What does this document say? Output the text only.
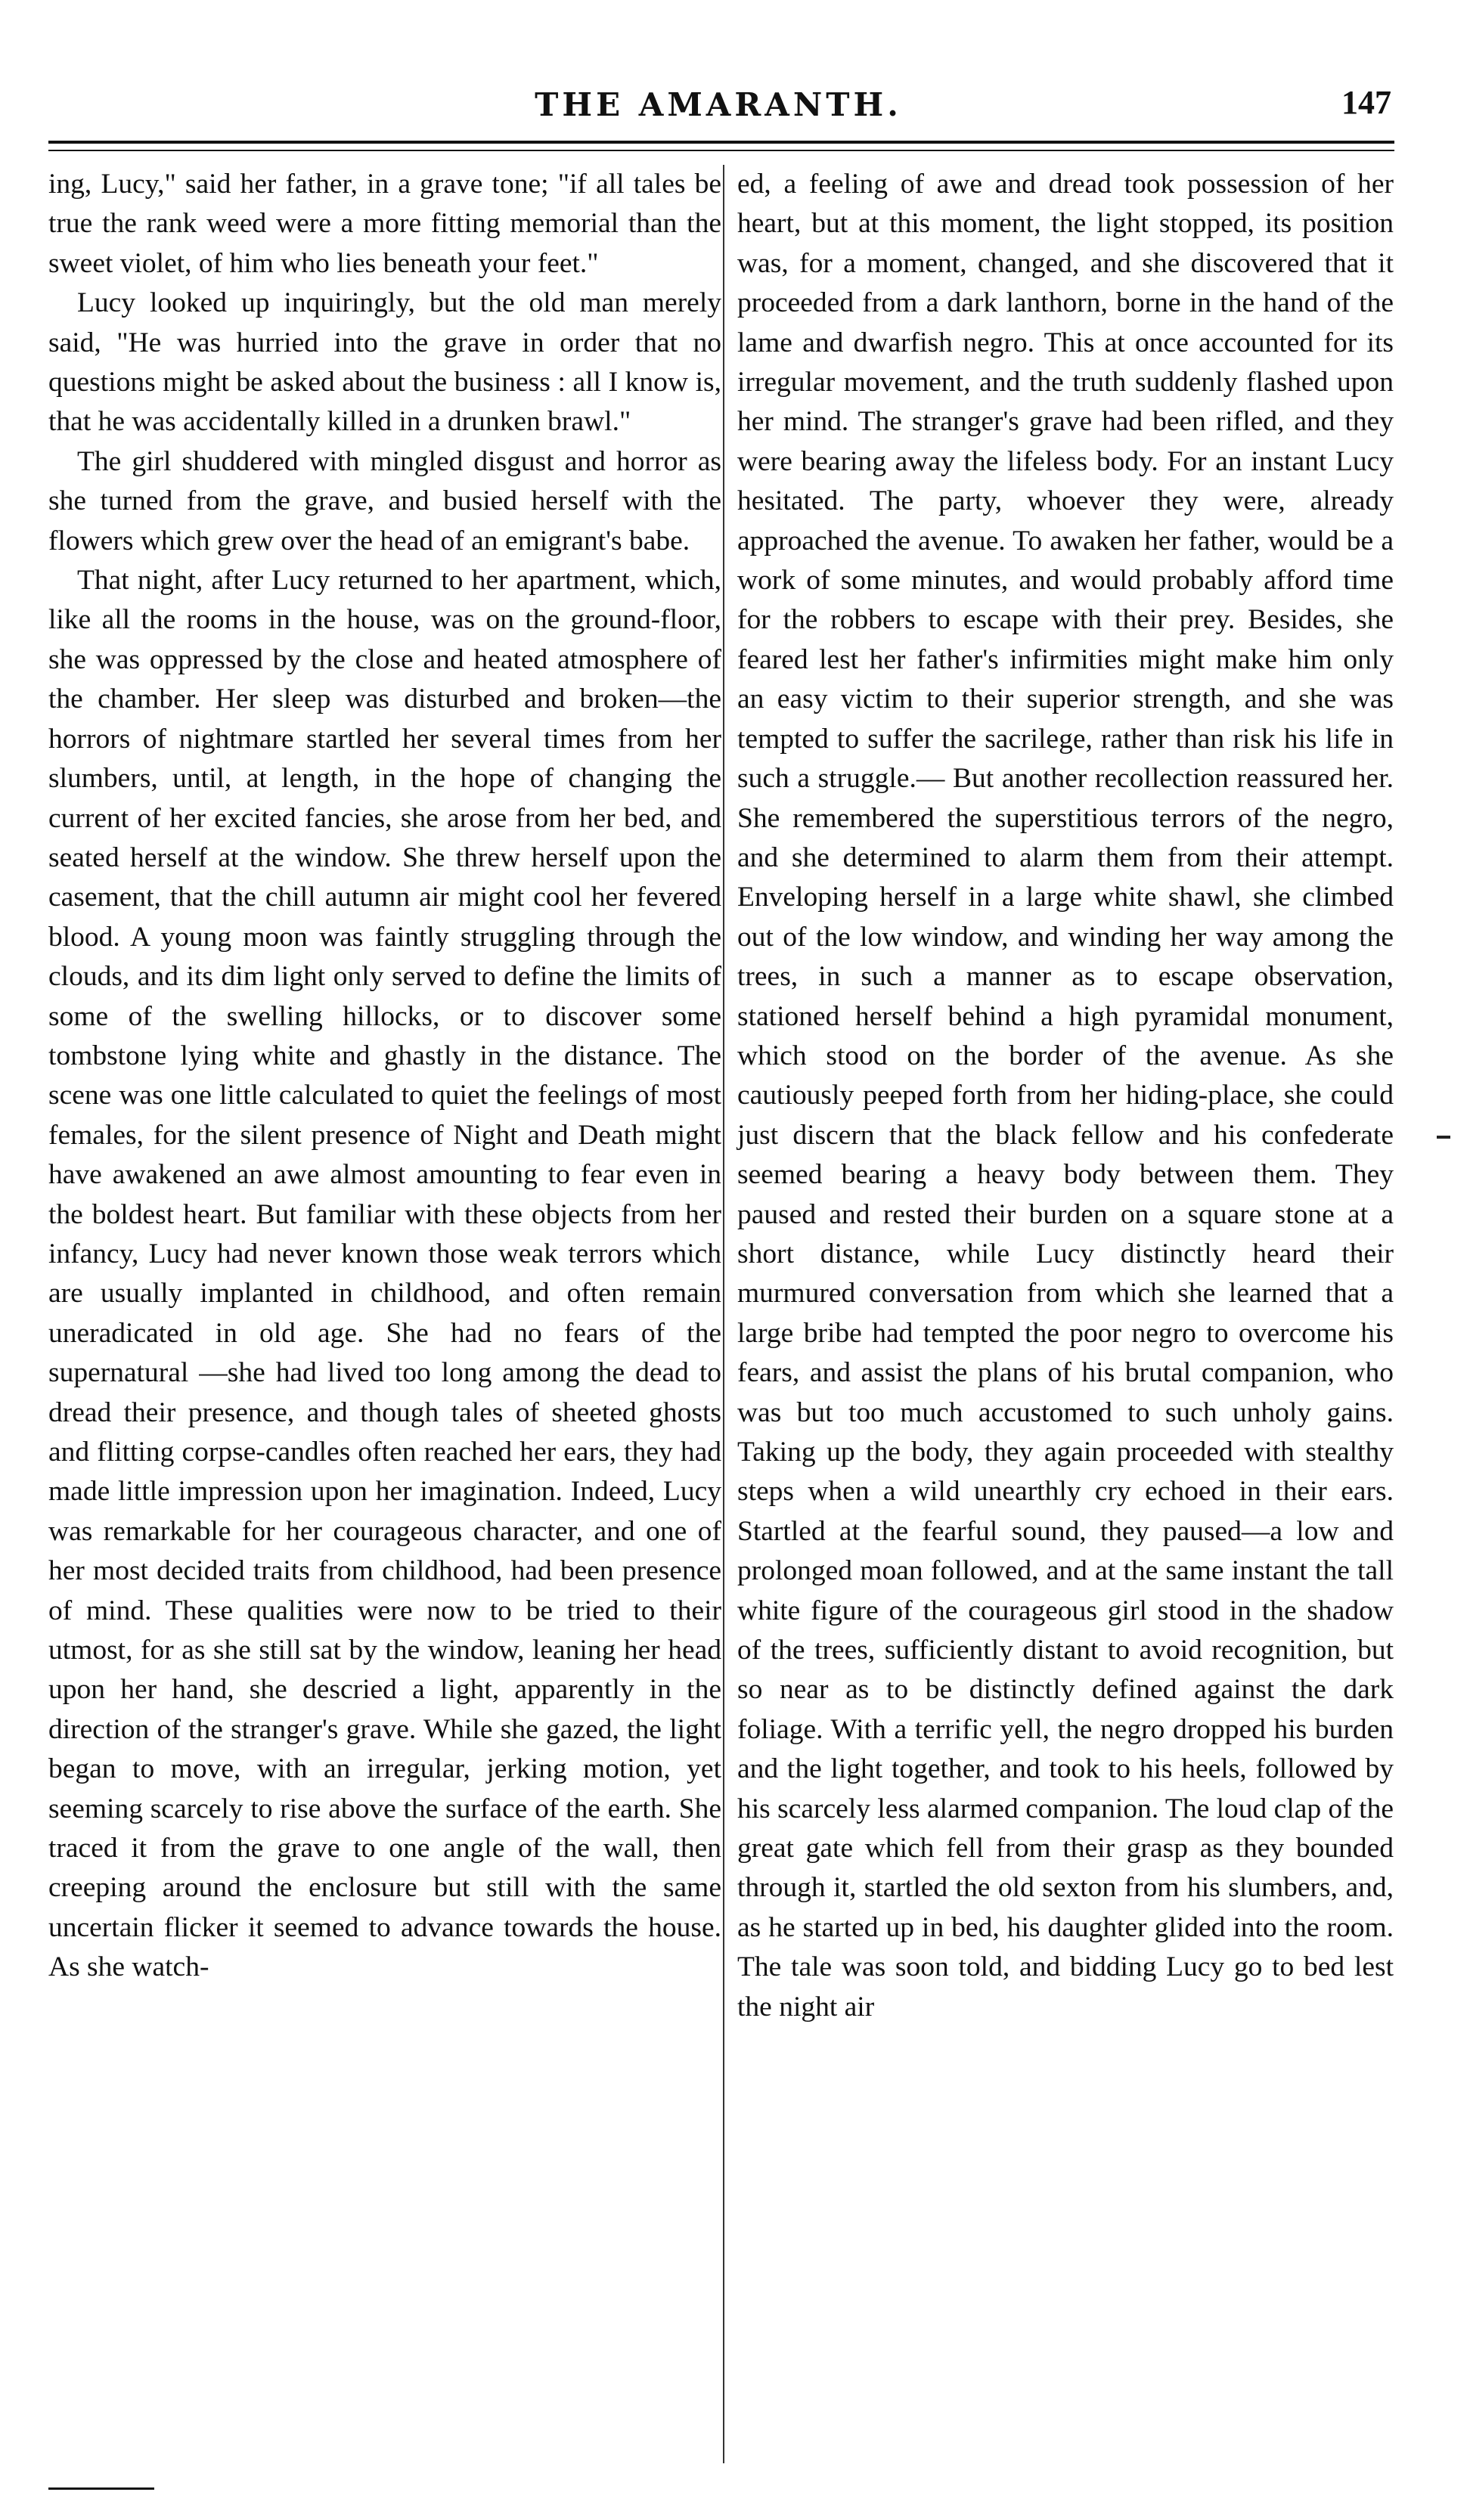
THE AMARANTH.	147

ing, Lucy," said her father, in a grave tone; "if all tales be true the rank weed were a more fitting memorial than the sweet violet, of him who lies beneath your feet."

Lucy looked up inquiringly, but the old man merely said, "He was hurried into the grave in order that no questions might be asked about the business : all I know is, that he was accidentally killed in a drunken brawl."

The girl shuddered with mingled disgust and horror as she turned from the grave, and busied herself with the flowers which grew over the head of an emigrant's babe.

That night, after Lucy returned to her apartment, which, like all the rooms in the house, was on the ground-floor, she was oppressed by the close and heated atmosphere of the chamber. Her sleep was disturbed and broken—the horrors of nightmare startled her several times from her slumbers, until, at length, in the hope of changing the current of her excited fancies, she arose from her bed, and seated herself at the window. She threw herself upon the casement, that the chill autumn air might cool her fevered blood. A young moon was faintly struggling through the clouds, and its dim light only served to define the limits of some of the swelling hillocks, or to discover some tombstone lying white and ghastly in the distance. The scene was one little calculated to quiet the feelings of most females, for the silent presence of Night and Death might have awakened an awe almost amounting to fear even in the boldest heart. But familiar with these objects from her infancy, Lucy had never known those weak terrors which are usually implanted in childhood, and often remain uneradicated in old age. She had no fears of the supernatural —she had lived too long among the dead to dread their presence, and though tales of sheeted ghosts and flitting corpse-candles often reached her ears, they had made little impression upon her imagination. Indeed, Lucy was remarkable for her courageous character, and one of her most decided traits from childhood, had been presence of mind. These qualities were now to be tried to their utmost, for as she still sat by the window, leaning her head upon her hand, she descried a light, apparently in the direction of the stranger's grave. While she gazed, the light began to move, with an irregular, jerking motion, yet seeming scarcely to rise above the surface of the earth. She traced it from the grave to one angle of the wall, then creeping around the enclosure but still with the same uncertain flicker it seemed to advance towards the house. As she watch-

ed, a feeling of awe and dread took possession of her heart, but at this moment, the light stopped, its position was, for a moment, changed, and she discovered that it proceeded from a dark lanthorn, borne in the hand of the lame and dwarfish negro. This at once accounted for its irregular movement, and the truth suddenly flashed upon her mind. The stranger's grave had been rifled, and they were bearing away the lifeless body. For an instant Lucy hesitated. The party, whoever they were, already approached the avenue. To awaken her father, would be a work of some minutes, and would probably afford time for the robbers to escape with their prey. Besides, she feared lest her father's infirmities might make him only an easy victim to their superior strength, and she was tempted to suffer the sacrilege, rather than risk his life in such a struggle.— But another recollection reassured her. She remembered the superstitious terrors of the negro, and she determined to alarm them from their attempt. Enveloping herself in a large white shawl, she climbed out of the low window, and winding her way among the trees, in such a manner as to escape observation, stationed herself behind a high pyramidal monument, which stood on the border of the avenue. As she cautiously peeped forth from her hiding-place, she could just discern that the black fellow and his confederate seemed bearing a heavy body between them. They paused and rested their burden on a square stone at a short distance, while Lucy distinctly heard their murmured conversation from which she learned that a large bribe had tempted the poor negro to overcome his fears, and assist the plans of his brutal companion, who was but too much accustomed to such unholy gains. Taking up the body, they again proceeded with stealthy steps when a wild unearthly cry echoed in their ears. Startled at the fearful sound, they paused—a low and prolonged moan followed, and at the same instant the tall white figure of the courageous girl stood in the shadow of the trees, sufficiently distant to avoid recognition, but so near as to be distinctly defined against the dark foliage. With a terrific yell, the negro dropped his burden and the light together, and took to his heels, followed by his scarcely less alarmed companion. The loud clap of the great gate which fell from their grasp as they bounded through it, startled the old sexton from his slumbers, and, as he started up in bed, his daughter glided into the room. The tale was soon told, and bidding Lucy go to bed lest the night air
